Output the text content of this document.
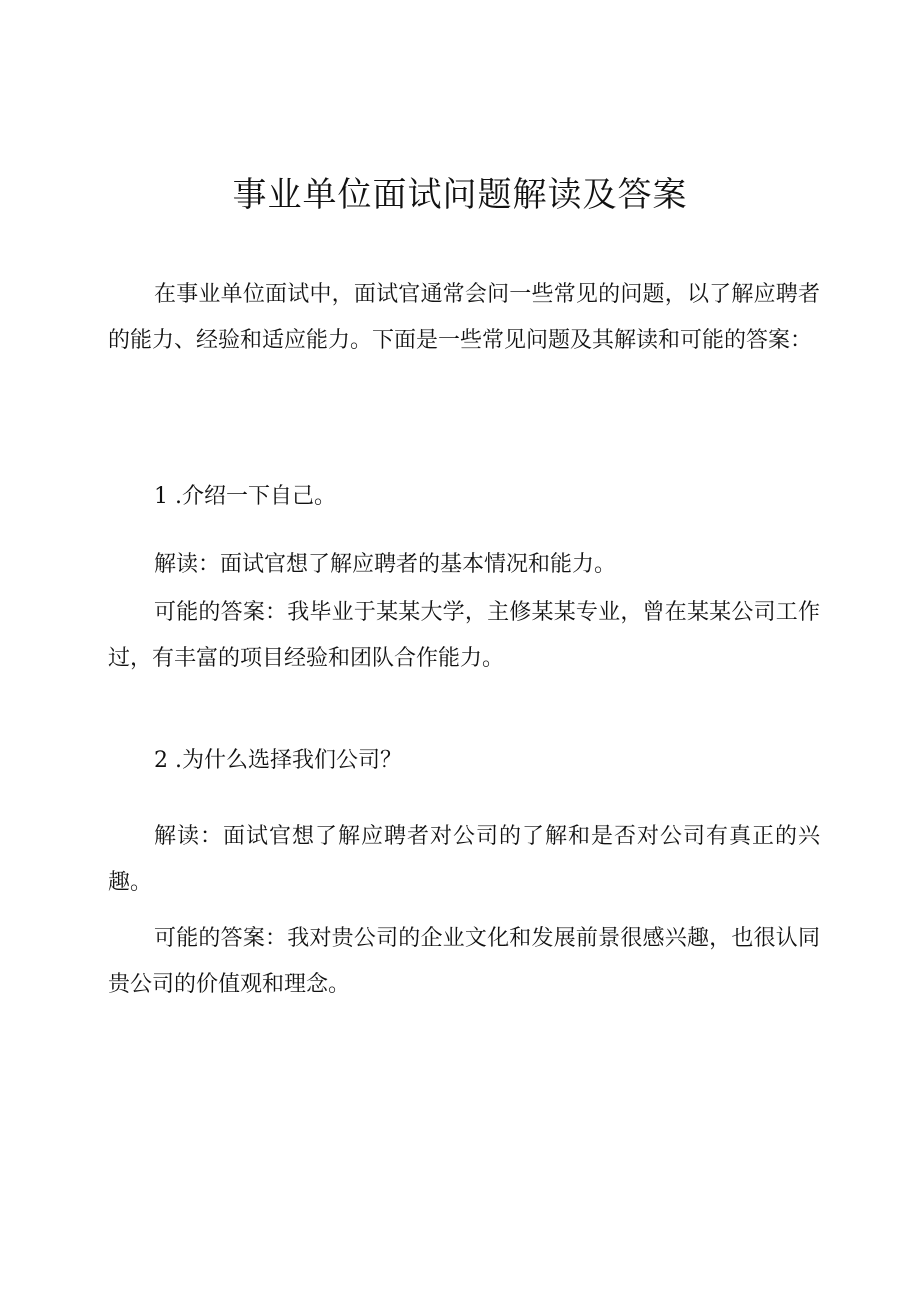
事业单位面试问题解读及答案

在事业单位面试中，面试官通常会问一些常见的问题，以了解应聘者的能力、经验和适应能力。下面是一些常见问题及其解读和可能的答案：

1 .介绍一下自己。

解读：面试官想了解应聘者的基本情况和能力。

可能的答案：我毕业于某某大学，主修某某专业，曾在某某公司工作过，有丰富的项目经验和团队合作能力。

2 .为什么选择我们公司？

解读：面试官想了解应聘者对公司的了解和是否对公司有真正的兴趣。

可能的答案：我对贵公司的企业文化和发展前景很感兴趣，也很认同贵公司的价值观和理念。
